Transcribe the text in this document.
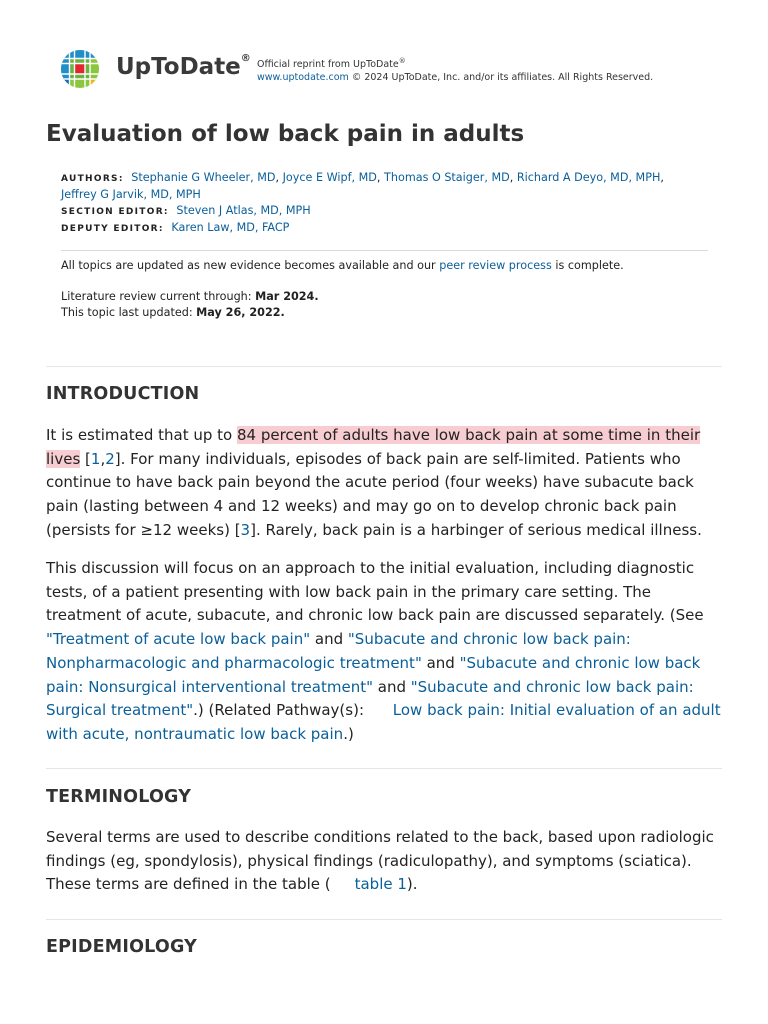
UpToDate®
Official reprint from UpToDate®
www.uptodate.com © 2024 UpToDate, Inc. and/or its affiliates. All Rights Reserved.
Evaluation of low back pain in adults
AUTHORS: Stephanie G Wheeler, MD, Joyce E Wipf, MD, Thomas O Staiger, MD, Richard A Deyo, MD, MPH, Jeffrey G Jarvik, MD, MPH
SECTION EDITOR: Steven J Atlas, MD, MPH
DEPUTY EDITOR: Karen Law, MD, FACP
All topics are updated as new evidence becomes available and our peer review process is complete.
Literature review current through: Mar 2024.
This topic last updated: May 26, 2022.
INTRODUCTION

It is estimated that up to 84 percent of adults have low back pain at some time in their lives [1,2]. For many individuals, episodes of back pain are self-limited. Patients who continue to have back pain beyond the acute period (four weeks) have subacute back pain (lasting between 4 and 12 weeks) and may go on to develop chronic back pain (persists for ≥12 weeks) [3]. Rarely, back pain is a harbinger of serious medical illness.

This discussion will focus on an approach to the initial evaluation, including diagnostic tests, of a patient presenting with low back pain in the primary care setting. The treatment of acute, subacute, and chronic low back pain are discussed separately. (See "Treatment of acute low back pain" and "Subacute and chronic low back pain: Nonpharmacologic and pharmacologic treatment" and "Subacute and chronic low back pain: Nonsurgical interventional treatment" and "Subacute and chronic low back pain: Surgical treatment".) (Related Pathway(s): Low back pain: Initial evaluation of an adult with acute, nontraumatic low back pain.)

TERMINOLOGY

Several terms are used to describe conditions related to the back, based upon radiologic findings (eg, spondylosis), physical findings (radiculopathy), and symptoms (sciatica). These terms are defined in the table ( table 1).

EPIDEMIOLOGY
